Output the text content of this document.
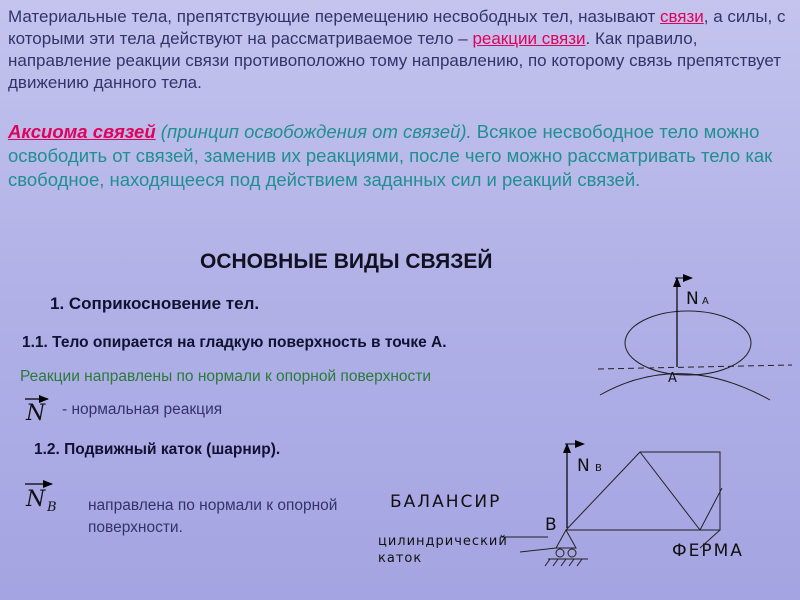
Материальные тела, препятствующие перемещению несвободных тел, называют связи, а силы, с которыми эти тела действуют на рассматриваемое тело – реакции связи. Как правило, направление реакции связи противоположно тому направлению, по которому связь препятствует движению данного тела.
Аксиома связей (принцип освобождения от связей). Всякое несвободное тело можно освободить от связей, заменив их реакциями, после чего можно рассматривать тело как свободное, находящееся под действием заданных сил и реакций связей.
ОСНОВНЫЕ ВИДЫ СВЯЗЕЙ
1. Соприкосновение тел.
1.1. Тело опирается на гладкую поверхность в точке А.
Реакции направлены по нормали к опорной поверхности
- нормальная реакция
1.2. Подвижный каток (шарнир).
направлена по нормали к опорной поверхности.
N
N B
N A
A
N B
БАЛАНСИР
B
цилиндрический
каток	ФЕРМА
